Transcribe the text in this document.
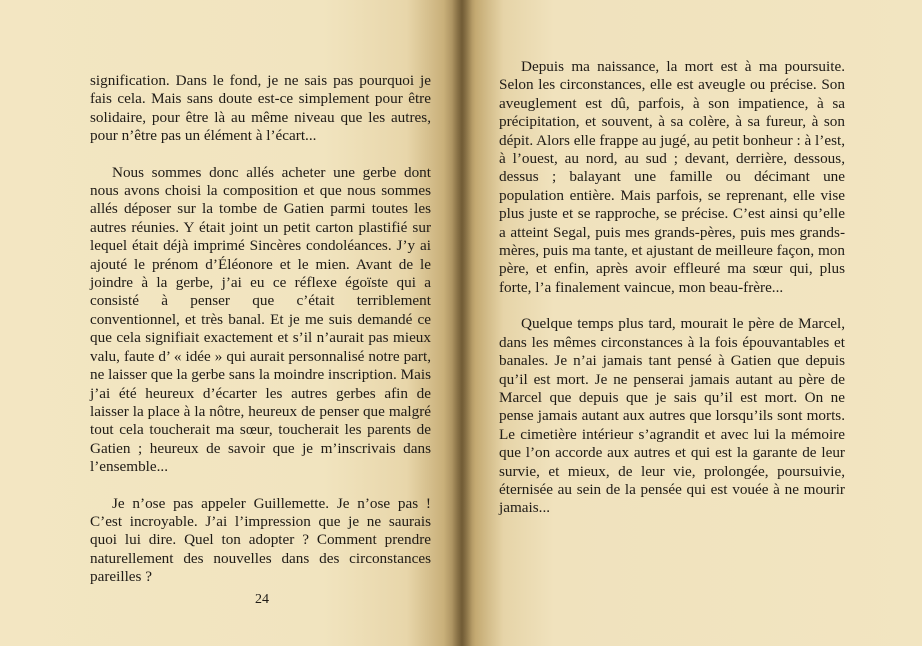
signification. Dans le fond, je ne sais pas pourquoi je fais cela. Mais sans doute est-ce simplement pour être solidaire, pour être là au même niveau que les autres, pour n’être pas un élément à l’écart...

Nous sommes donc allés acheter une gerbe dont nous avons choisi la composition et que nous sommes allés déposer sur la tombe de Gatien parmi toutes les autres réunies. Y était joint un petit carton plastifié sur lequel était déjà imprimé Sincères condoléances. J’y ai ajouté le prénom d’Éléonore et le mien. Avant de le joindre à la gerbe, j’ai eu ce réflexe égoïste qui a consisté à penser que c’était terriblement conventionnel, et très banal. Et je me suis demandé ce que cela signifiait exactement et s’il n’aurait pas mieux valu, faute d’ « idée » qui aurait personnalisé notre part, ne laisser que la gerbe sans la moindre inscription. Mais j’ai été heureux d’écarter les autres gerbes afin de laisser la place à la nôtre, heureux de penser que malgré tout cela toucherait ma sœur, toucherait les parents de Gatien ; heureux de savoir que je m’inscrivais dans l’ensemble...

Je n’ose pas appeler Guillemette. Je n’ose pas ! C’est incroyable. J’ai l’impression que je ne saurais quoi lui dire. Quel ton adopter ? Comment prendre naturellement des nouvelles dans des circonstances pareilles ?

24

Depuis ma naissance, la mort est à ma poursuite. Selon les circonstances, elle est aveugle ou précise. Son aveuglement est dû, parfois, à son impatience, à sa précipitation, et souvent, à sa colère, à sa fureur, à son dépit. Alors elle frappe au jugé, au petit bonheur : à l’est, à l’ouest, au nord, au sud ; devant, derrière, dessous, dessus ; balayant une famille ou décimant une population entière. Mais parfois, se reprenant, elle vise plus juste et se rapproche, se précise. C’est ainsi qu’elle a atteint Segal, puis mes grands-pères, puis mes grands-mères, puis ma tante, et ajustant de meilleure façon, mon père, et enfin, après avoir effleuré ma sœur qui, plus forte, l’a finalement vaincue, mon beau-frère...

Quelque temps plus tard, mourait le père de Marcel, dans les mêmes circonstances à la fois épouvantables et banales. Je n’ai jamais tant pensé à Gatien que depuis qu’il est mort. Je ne penserai jamais autant au père de Marcel que depuis que je sais qu’il est mort. On ne pense jamais autant aux autres que lorsqu’ils sont morts. Le cimetière intérieur s’agrandit et avec lui la mémoire que l’on accorde aux autres et qui est la garante de leur survie, et mieux, de leur vie, prolongée, poursuivie, éternisée au sein de la pensée qui est vouée à ne mourir jamais...
